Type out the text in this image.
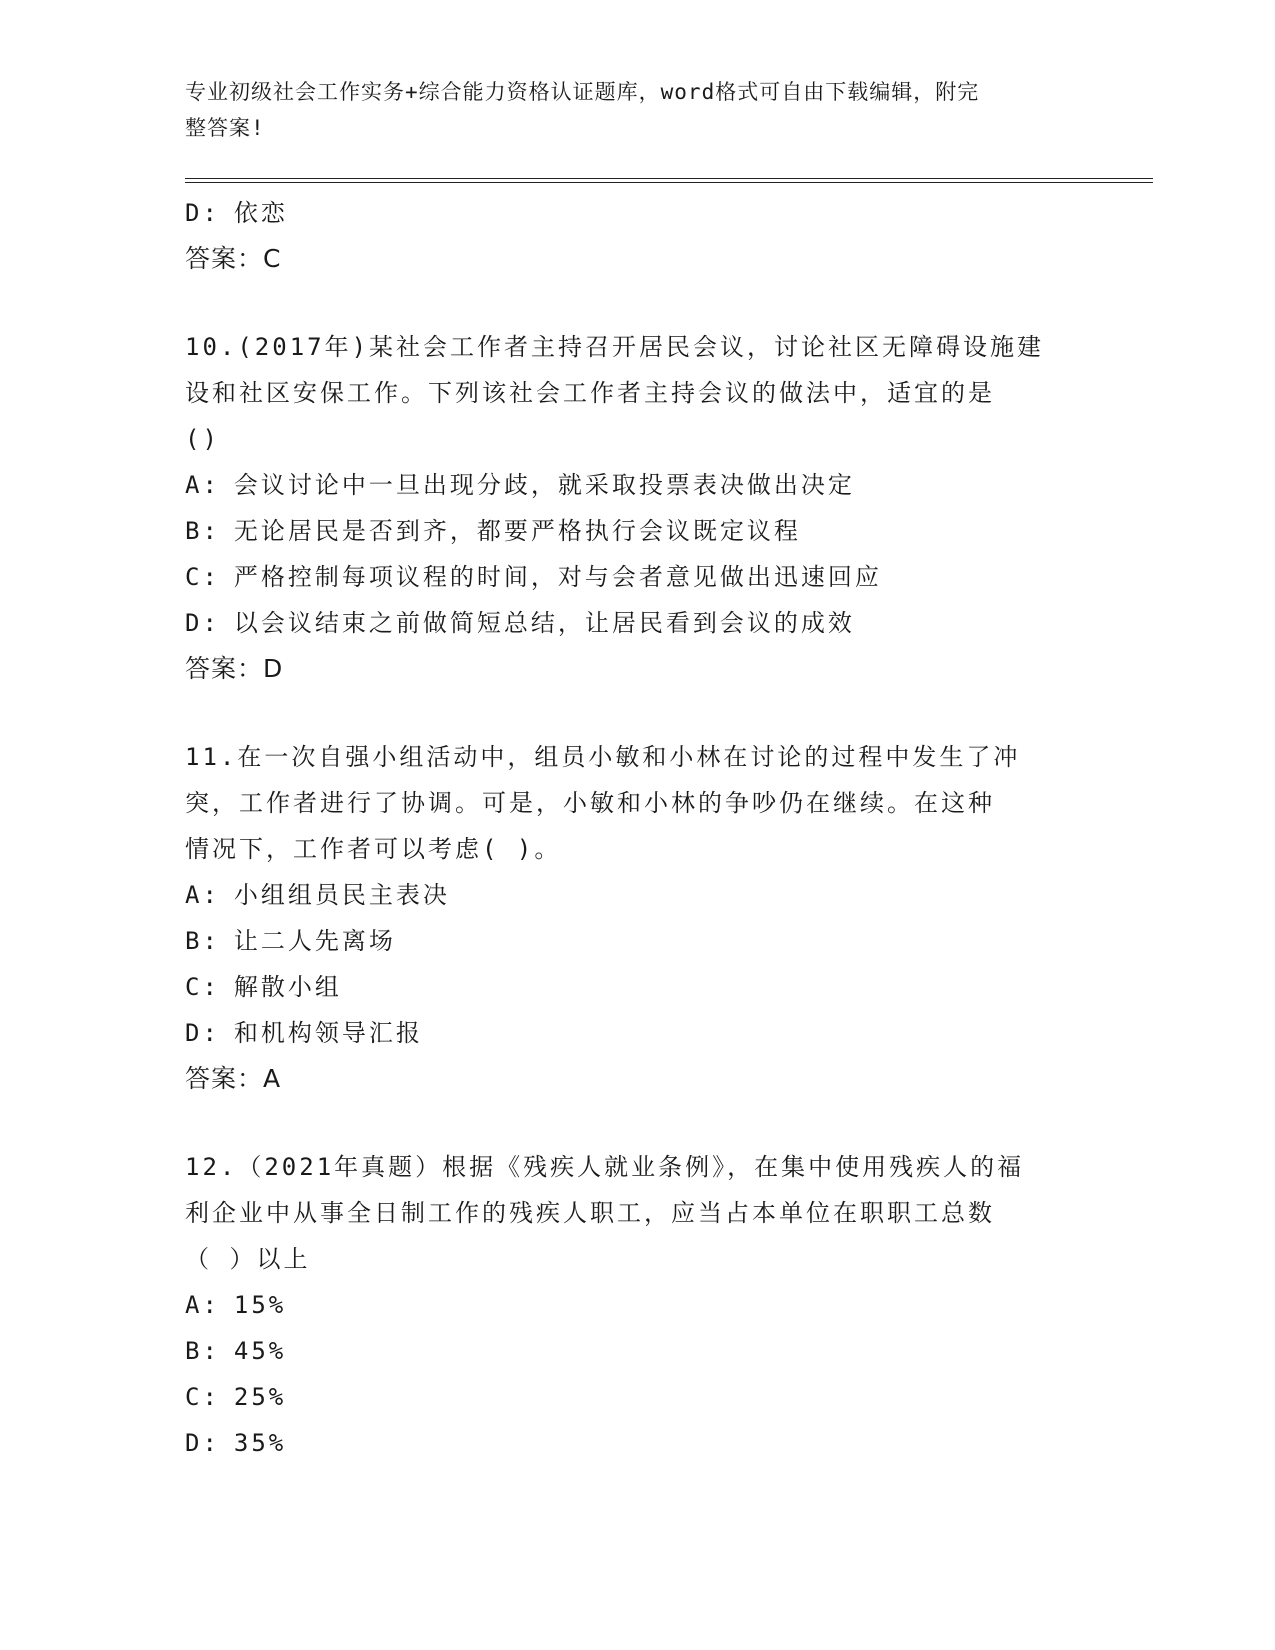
专业初级社会工作实务+综合能力资格认证题库，word格式可自由下载编辑，附完
整答案!
D: 依恋
答案：C
10.(2017年)某社会工作者主持召开居民会议，讨论社区无障碍设施建
设和社区安保工作。下列该社会工作者主持会议的做法中，适宜的是
()
A: 会议讨论中一旦出现分歧，就采取投票表决做出决定
B: 无论居民是否到齐，都要严格执行会议既定议程
C: 严格控制每项议程的时间，对与会者意见做出迅速回应
D: 以会议结束之前做简短总结，让居民看到会议的成效
答案：D
11.在一次自强小组活动中，组员小敏和小林在讨论的过程中发生了冲
突，工作者进行了协调。可是，小敏和小林的争吵仍在继续。在这种
情况下，工作者可以考虑( )。
A: 小组组员民主表决
B: 让二人先离场
C: 解散小组
D: 和机构领导汇报
答案：A
12.（2021年真题）根据《残疾人就业条例》，在集中使用残疾人的福
利企业中从事全日制工作的残疾人职工，应当占本单位在职职工总数
（ ）以上
A: 15%
B: 45%
C: 25%
D: 35%
